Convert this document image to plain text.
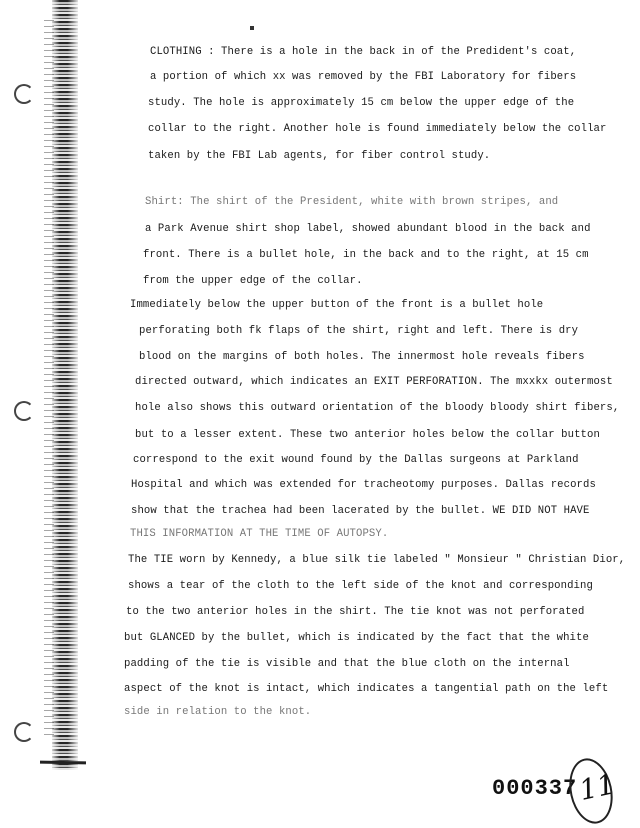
CLOTHING : There is a hole in the back in of the Predident's coat,
a portion of which xx was removed by the FBI Laboratory for fibers
study. The hole is approximately 15 cm below the upper edge of the
collar to the right. Another hole is found immediately below the collar
taken by the FBI Lab agents, for fiber control study.
Shirt: The shirt of the President, white with brown stripes, and
a Park Avenue shirt shop label, showed abundant blood in the back and
front. There is a bullet hole, in the back and to the right, at 15 cm
from the upper edge of the collar.
Immediately below the upper button of the front is a bullet hole
perforating both fk flaps of the shirt, right and left. There is dry
blood on the margins of both holes. The innermost hole reveals fibers
directed outward, which indicates an EXIT PERFORATION. The mxxkx outermost
hole also shows this outward orientation of the bloody bloody shirt fibers,
but to a lesser extent. These two anterior holes below the collar button
correspond to the exit wound found by the Dallas surgeons at Parkland
Hospital and which was extended for tracheotomy purposes. Dallas records
show that the trachea had been lacerated by the bullet. WE DID NOT HAVE
THIS INFORMATION AT THE TIME OF AUTOPSY.
The TIE worn by Kennedy, a blue silk tie labeled " Monsieur " Christian Dior,
shows a tear of the cloth to the left side of the knot and corresponding
to the two anterior holes in the shirt. The tie knot was not perforated
but GLANCED by the bullet, which is indicated by the fact that the white
padding of the tie is visible and that the blue cloth on the internal
aspect of the knot is intact, which indicates a tangential path on the left
side in relation to the knot.
000337 11
